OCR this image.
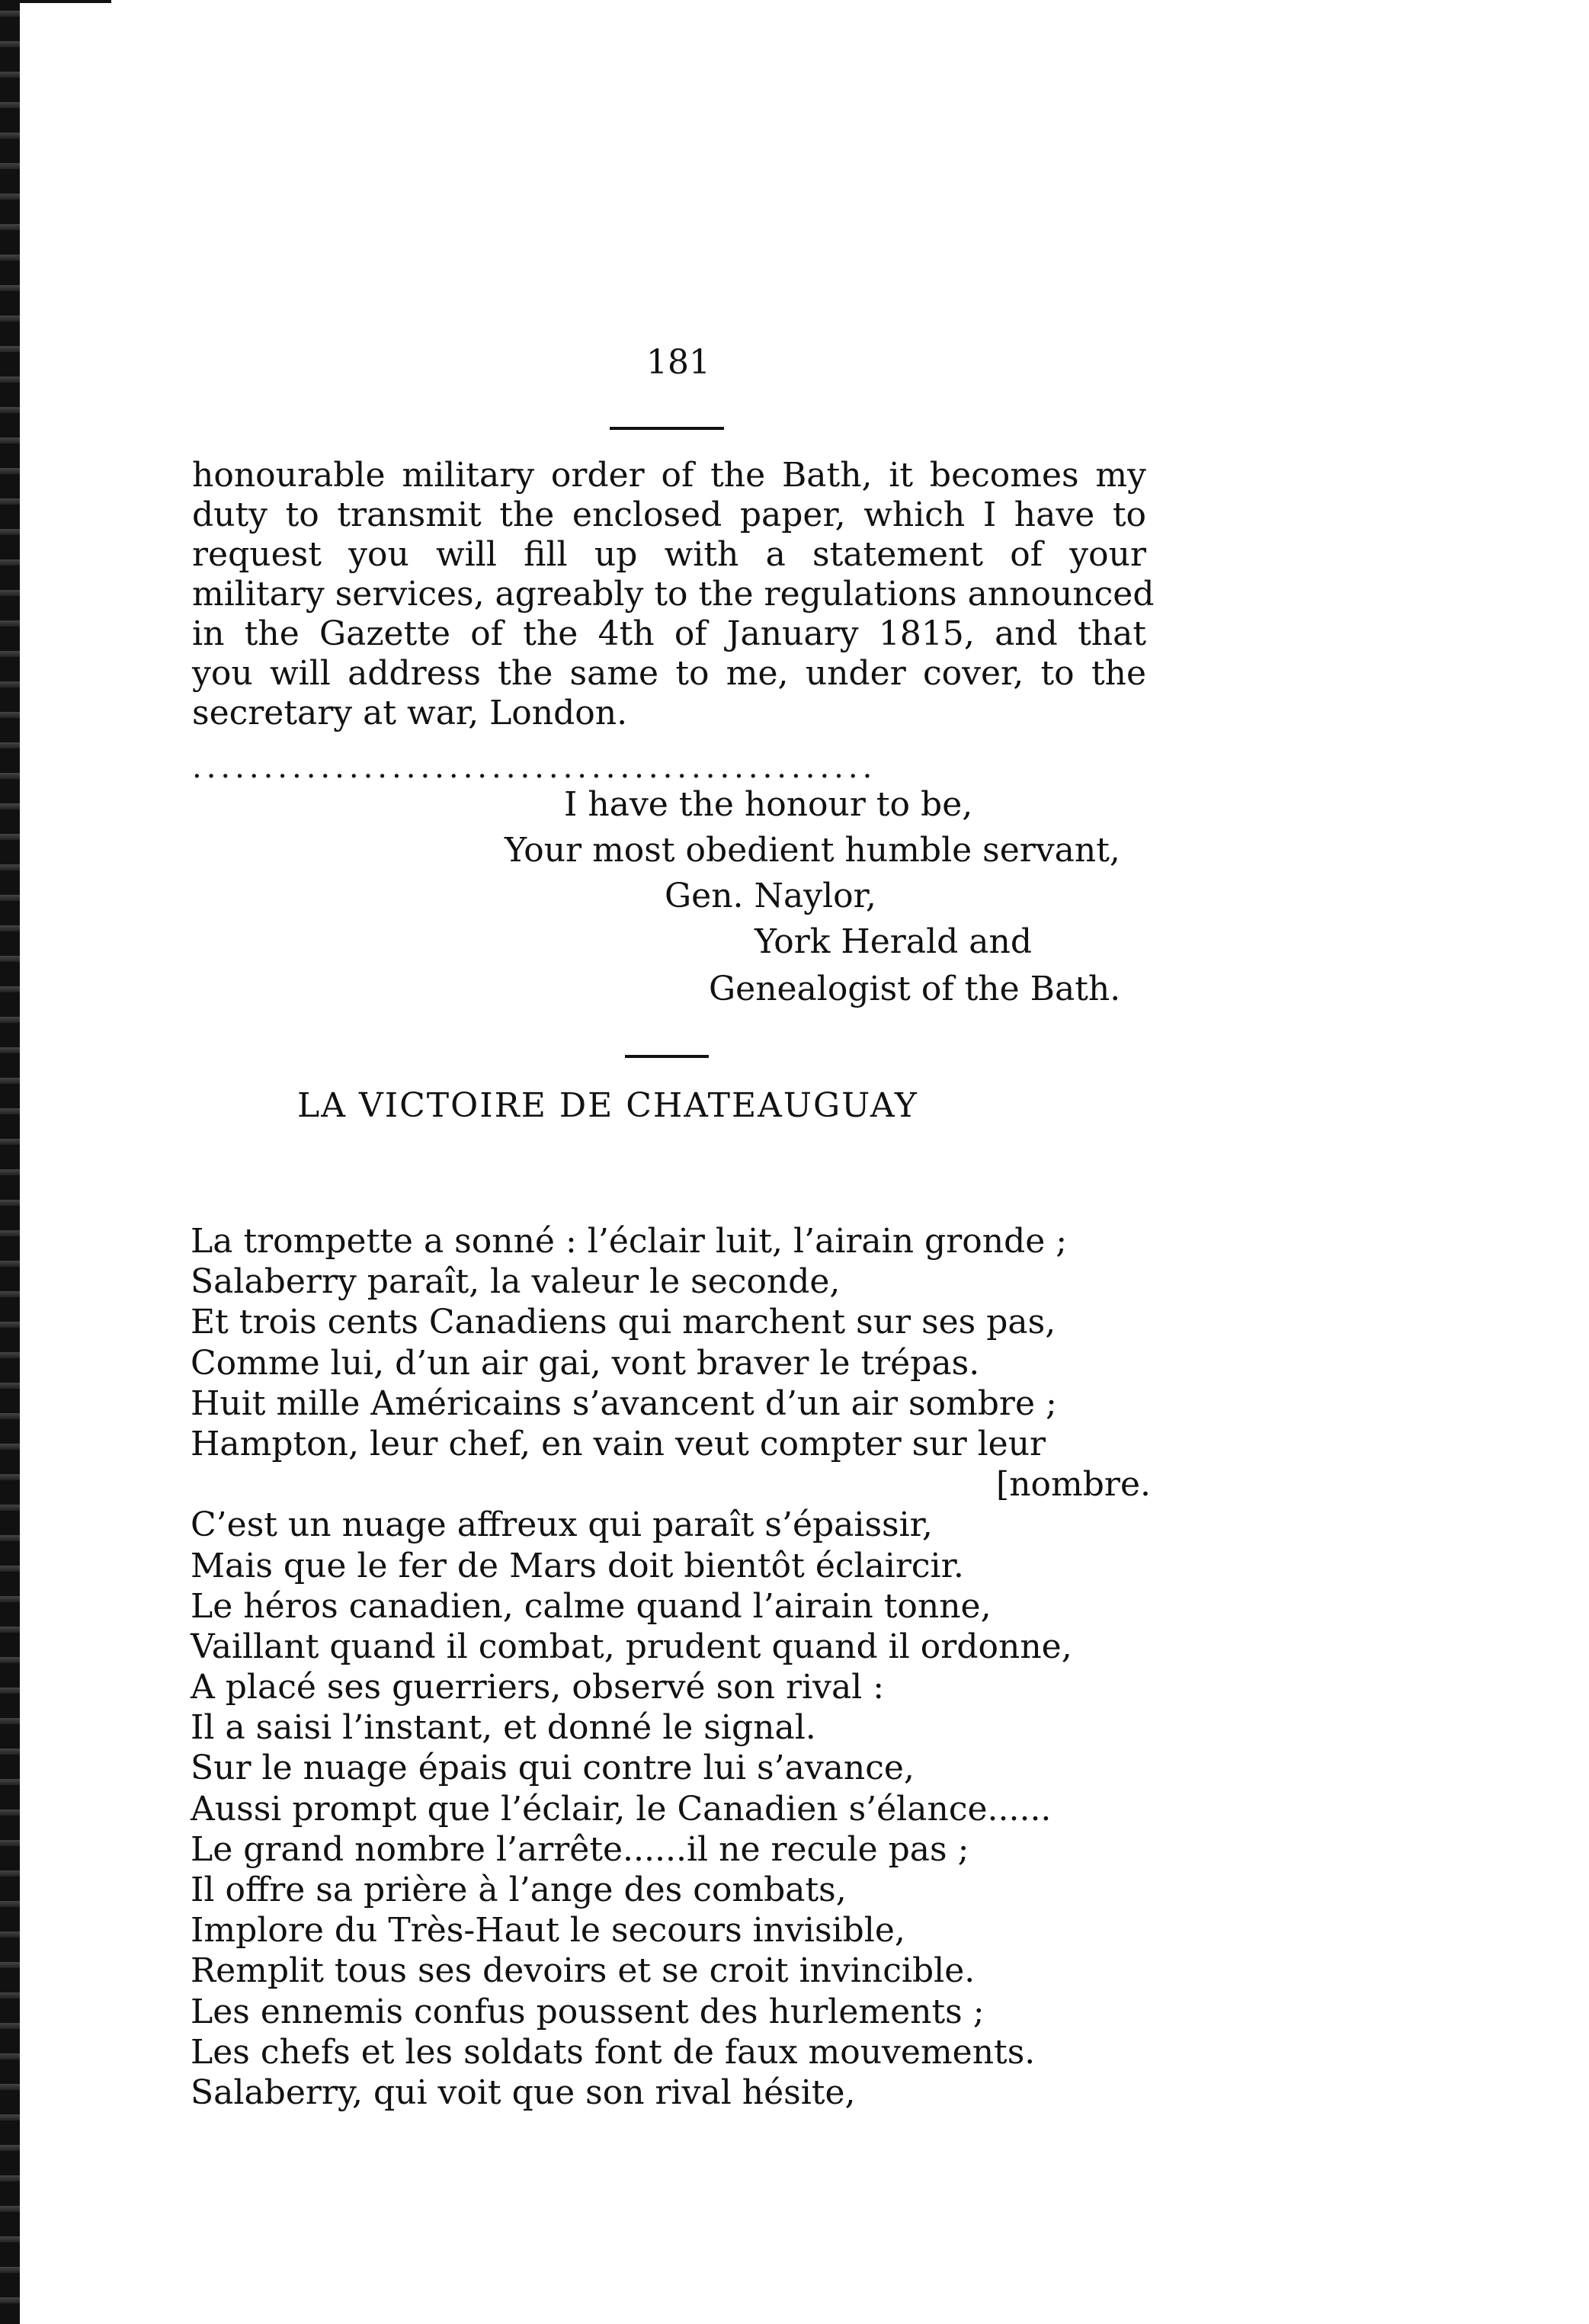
181
honourable military order of the Bath, it becomes my
duty to transmit the enclosed paper, which I have to
request you will fill up with a statement of your
military services, agreably to the regulations announced
in the Gazette of the 4th of January 1815, and that
you will address the same to me, under cover, to the
secretary at war, London.
................................................
I have the honour to be,
Your most obedient humble servant,
Gen. Naylor,
York Herald and
Genealogist of the Bath.
LA VICTOIRE DE CHATEAUGUAY
La trompette a sonné : l’éclair luit, l’airain gronde ;
Salaberry paraît, la valeur le seconde,
Et trois cents Canadiens qui marchent sur ses pas,
Comme lui, d’un air gai, vont braver le trépas.
Huit mille Américains s’avancent d’un air sombre ;
Hampton, leur chef, en vain veut compter sur leur
[nombre.
C’est un nuage affreux qui paraît s’épaissir,
Mais que le fer de Mars doit bientôt éclaircir.
Le héros canadien, calme quand l’airain tonne,
Vaillant quand il combat, prudent quand il ordonne,
A placé ses guerriers, observé son rival :
Il a saisi l’instant, et donné le signal.
Sur le nuage épais qui contre lui s’avance,
Aussi prompt que l’éclair, le Canadien s’élance......
Le grand nombre l’arrête......il ne recule pas ;
Il offre sa prière à l’ange des combats,
Implore du Très-Haut le secours invisible,
Remplit tous ses devoirs et se croit invincible.
Les ennemis confus poussent des hurlements ;
Les chefs et les soldats font de faux mouvements.
Salaberry, qui voit que son rival hésite,
